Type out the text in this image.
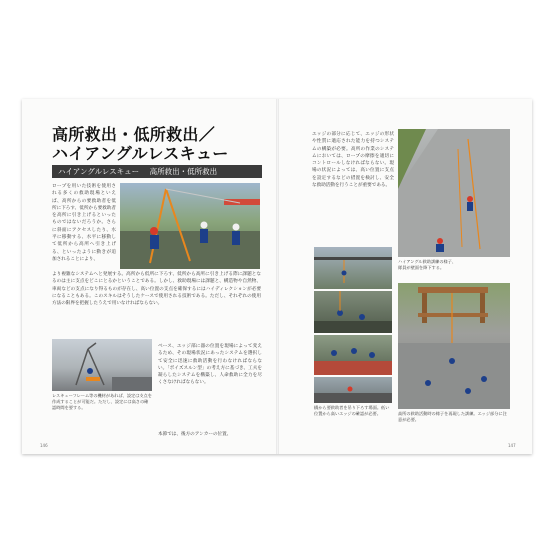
高所救出・低所救出／
ハイアングルレスキュー
ハイアングルレスキュー 高所救出・低所救出

ロープを用いた技術を使用される多くの救助現場といえば、高所からの要救助者を低所に下ろす、低所から要救助者を高所に引き上げるといったものではないだろうか。さらに斜面にアクセスしたり、水平に移動する、水平に移動して低所から高所へ引き上げる、といったように動きが追加されることにより、

より複雑なシステムへと発展する。高所から低所に下ろす、低所から高所に引き上げる際に課題となるのは主に支点をどこにとるかということである。しかし、救助現場には課題と、構造物や自然物、車両などの支点になり得るものが存在し、高い位置の支点を確保するにはハイディレクションが必要になることもある。このスキルはそうしたケースで使用される技術である。ただし、それぞれの使用方法の限界を把握したうえで用いなければならない。

レスキューフレーム等の機材があれば、設定は支点を作成することが可能だ。ただし、設定には高さの確認時間を要する。

ベース、エッジ部に器の位置を現場によって変えるため、その現場状況にあったシステムを選択して安全に迅速に救助活動を行わなければならない。「ポイズスルン型」の考え方に基づき、工夫を凝らしたシステムを構築し、人命救助に全力を尽くさなければならない。

本節では、後方のアンカーの位置、

146

エッジの部分に応じて、エッジの形状や性質に適応された能力を持つシステムの構築が必要。高所の作業のシステムにおいては、ロープの摩擦を適切にコントロールしなければならない。現場の状況によっては、高い位置に支点を設定するなどの措置を検討し、安全な救助活動を行うことが重要である。

ハイアングル救助訓練の様子、隊員が壁面を降下する。

橋から要救助者を吊り下ろす場面。低い位置から高いエッジの確認が必要。	高所の救助活動時の様子を再現した訓練。エッジ部分に注意が必要。

147
